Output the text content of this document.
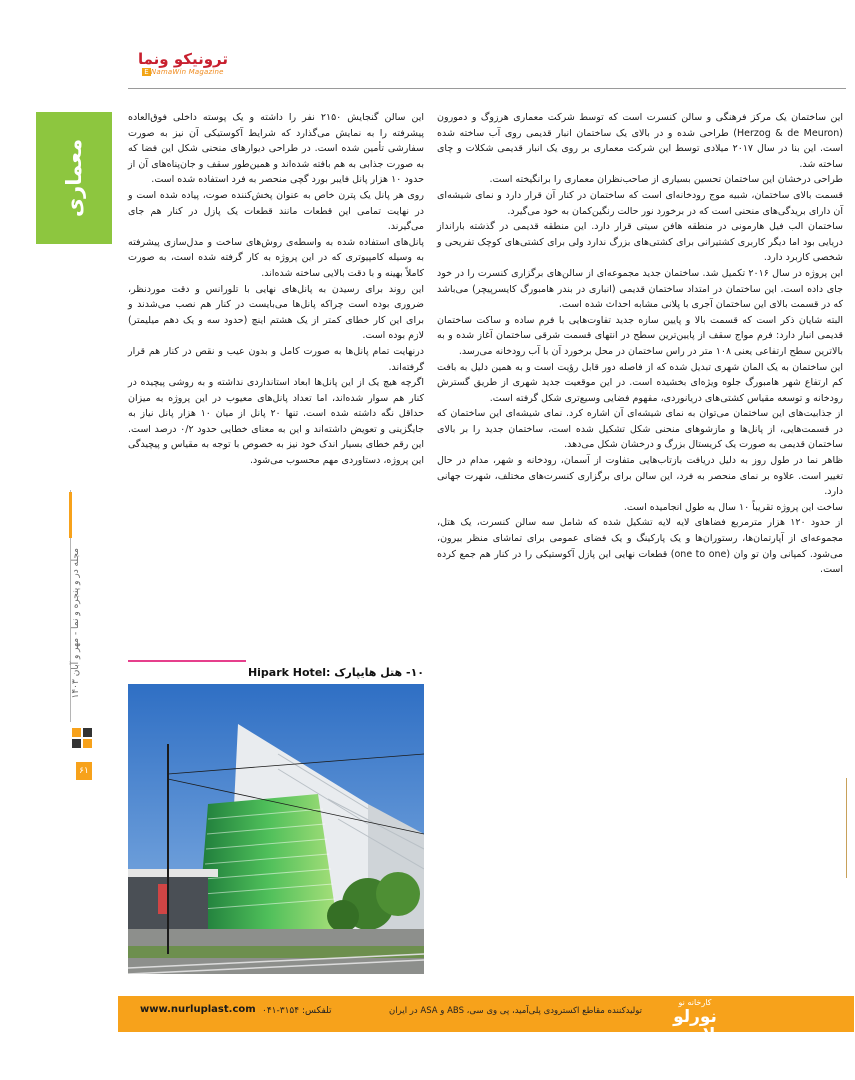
ترونیکو ونما
E NamaWin Magazine
معماری
مجله در و پنجره و نما - مهر و آبان ۱۴۰۳
۶۱

این ساختمان یک مرکز فرهنگی و سالن کنسرت است که توسط شرکت معماری هرزوگ و دمورون (Herzog & de Meuron) طراحی شده و در بالای یک ساختمان انبار قدیمی روی آب ساخته شده است. این بنا در سال ۲۰۱۷ میلادی توسط این شرکت معماری بر روی یک انبار قدیمی شکلات و چای ساخته شد.

طراحی درخشان این ساختمان تحسین بسیاری از صاحب‌نظران معماری را برانگیخته است.

قسمت بالای ساختمان، شبیه موج رودخانه‌ای است که ساختمان در کنار آن قرار دارد و نمای شیشه‌ای آن دارای بریدگی‌های منحنی است که در برخورد نور حالت رنگین‌کمان به خود می‌گیرد.

ساختمان الب فیل هارمونی در منطقه هافن سیتی قرار دارد. این منطقه قدیمی در گذشته بارانداز دریایی بود اما دیگر کاربری کشتیرانی برای کشتی‌های بزرگ ندارد ولی برای کشتی‌های کوچک تفریحی و شخصی کاربرد دارد.

این پروژه در سال ۲۰۱۶ تکمیل شد. ساختمان جدید مجموعه‌ای از سالن‌های برگزاری کنسرت را در خود جای داده است. این ساختمان در امتداد ساختمان قدیمی (انباری در بندر هامبورگ کایسرپیچر) می‌باشد که در قسمت بالای این ساختمان آجری با پلانی مشابه احداث شده است.

البته شایان ذکر است که قسمت بالا و پایین سازه جدید تفاوت‌هایی با فرم ساده و ساکت ساختمان قدیمی انبار دارد: فرم مواج سقف از پایین‌ترین سطح در انتهای قسمت شرقی ساختمان آغاز شده و به بالاترین سطح ارتفاعی یعنی ۱۰۸ متر در راس ساختمان در محل برخورد آن با آب رودخانه می‌رسد.

این ساختمان به یک المان شهری تبدیل شده که از فاصله دور قابل رؤیت است و به همین دلیل به بافت کم ارتفاع شهر هامبورگ جلوه ویژه‌ای بخشیده است. در این موقعیت جدید شهری از طریق گسترش رودخانه و توسعه مقیاس کشتی‌های دریانوردی، مفهوم فضایی وسیع‌تری شکل گرفته است.

از جذابیت‌های این ساختمان می‌توان به نمای شیشه‌ای آن اشاره کرد. نمای شیشه‌ای این ساختمان که در قسمت‌هایی، از پانل‌ها و مازشوهای منحنی شکل تشکیل شده است، ساختمان جدید را بر بالای ساختمان قدیمی به صورت یک کریستال بزرگ و درخشان شکل می‌دهد.

ظاهر نما در طول روز به دلیل دریافت بازتاب‌هایی متفاوت از آسمان، رودخانه و شهر، مدام در حال تغییر است. علاوه بر نمای منحصر به فرد، این سالن برای برگزاری کنسرت‌های مختلف، شهرت جهانی دارد.

ساخت این پروژه تقریباً ۱۰ سال به طول انجامیده است.

از حدود ۱۲۰ هزار مترمربع فضاهای لایه لایه تشکیل شده که شامل سه سالن کنسرت، یک هتل، مجموعه‌ای از آپارتمان‌ها، رستوران‌ها و یک پارکینگ و یک فضای عمومی برای تماشای منظر بیرون، می‌شود. کمپانی وان تو وان (one to one) قطعات نهایی این پازل آکوستیکی را در کنار هم جمع کرده است.

این سالن گنجایش ۲۱۵۰ نفر را داشته و یک پوسته داخلی فوق‌العاده پیشرفته را به نمایش می‌گذارد که شرایط آکوستیکی آن نیز به صورت سفارشی تأمین شده است. در طراحی دیوارهای منحنی شکل این فضا که به صورت جذابی به هم بافته شده‌اند و همین‌طور سقف و جان‌پناه‌های آن از حدود ۱۰ هزار پانل فایبر بورد گچی منحصر به فرد استفاده شده است.

روی هر پانل یک پترن خاص به عنوان پخش‌کننده صوت، پیاده شده است و در نهایت تمامی این قطعات مانند قطعات یک پازل در کنار هم جای می‌گیرند.

پانل‌های استفاده شده به واسطه‌ی روش‌های ساخت و مدل‌سازی پیشرفته به وسیله کامپیوتری که در این پروژه به کار گرفته شده است، به صورت کاملاً بهینه و با دقت بالایی ساخته شده‌اند.

این روند برای رسیدن به پانل‌های نهایی با تلورانس و دقت موردنظر، ضروری بوده است چراکه پانل‌ها می‌بایست در کنار هم نصب می‌شدند و برای این کار خطای کمتر از یک هشتم اینچ (حدود سه و یک دهم میلیمتر) لازم بوده است.

درنهایت تمام پانل‌ها به صورت کامل و بدون عیب و نقص در کنار هم قرار گرفته‌اند.

اگرچه هیچ یک از این پانل‌ها ابعاد استانداردی نداشته و به روشی پیچیده در کنار هم سوار شده‌اند، اما تعداد پانل‌های معیوب در این پروژه به میزان حداقل نگه داشته شده است. تنها ۲۰ پانل از میان ۱۰ هزار پانل نیاز به جایگزینی و تعویض داشته‌اند و این به معنای خطایی حدود ۰/۲ درصد است. این رقم خطای بسیار اندک خود نیز به خصوص با توجه به مقیاس و پیچیدگی این پروژه، دستاوردی مهم محسوب می‌شود.

۱۰- هتل هایپارک Hipark Hotel:
www.nurluplast.com تلفکس: ۳۱۵۴-۰۴۱	تولیدکننده مقاطع اکسترودی پلی‌آمید، پی وی سی، ABS و ASA در ایران
کارخانه نو
نورلو پلاست
